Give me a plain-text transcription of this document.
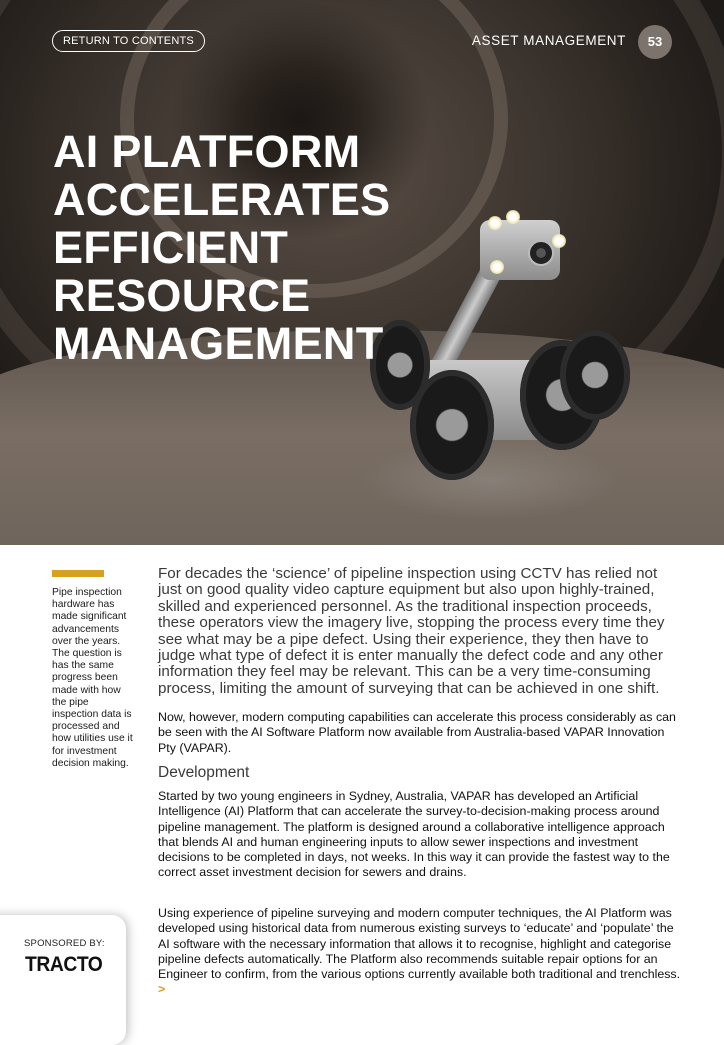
RETURN TO CONTENTS	ASSET MANAGEMENT	53
AI PLATFORM
ACCELERATES
EFFICIENT
RESOURCE
MANAGEMENT

Pipe inspection hardware has made significant advancements over the years. The question is has the same progress been made with how the pipe inspection data is processed and how utilities use it for investment decision making.

SPONSORED BY:
TRACTO

For decades the ‘science’ of pipeline inspection using CCTV has relied not just on good quality video capture equipment but also upon highly-trained, skilled and experienced personnel. As the traditional inspection proceeds, these operators view the imagery live, stopping the process every time they see what may be a pipe defect. Using their experience, they then have to judge what type of defect it is enter manually the defect code and any other information they feel may be relevant. This can be a very time-consuming process, limiting the amount of surveying that can be achieved in one shift.

Now, however, modern computing capabilities can accelerate this process considerably as can be seen with the AI Software Platform now available from Australia-based VAPAR Innovation Pty (VAPAR).

Development

Started by two young engineers in Sydney, Australia, VAPAR has developed an Artificial Intelligence (AI) Platform that can accelerate the survey-to-decision-making process around pipeline management. The platform is designed around a collaborative intelligence approach that blends AI and human engineering inputs to allow sewer inspections and investment decisions to be completed in days, not weeks. In this way it can provide the fastest way to the correct asset investment decision for sewers and drains.

Using experience of pipeline surveying and modern computer techniques, the AI Platform was developed using historical data from numerous existing surveys to ‘educate’ and ‘populate’ the AI software with the necessary information that allows it to recognise, highlight and categorise pipeline defects automatically. The Platform also recommends suitable repair options for an Engineer to confirm, from the various options currently available both traditional and trenchless. >
